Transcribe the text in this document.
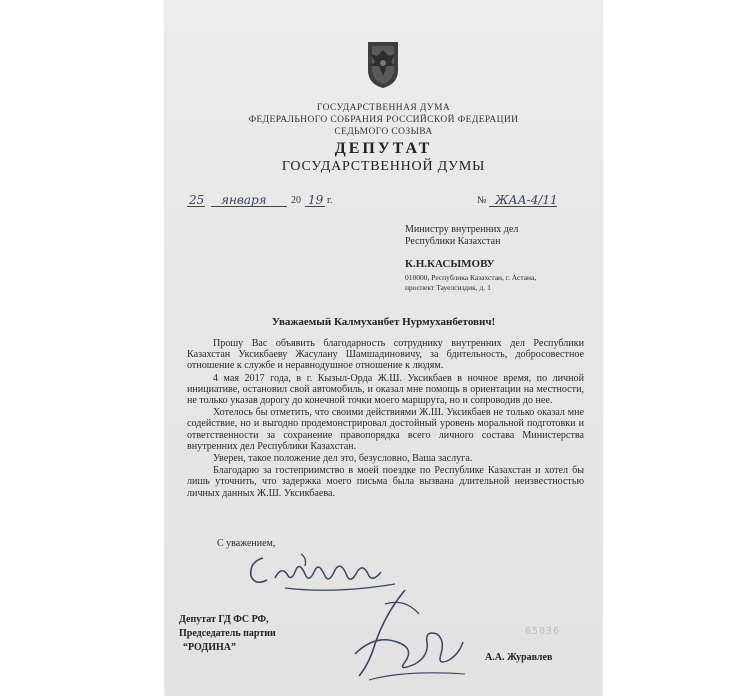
ГОСУДАРСТВЕННАЯ ДУМА
ФЕДЕРАЛЬНОГО СОБРАНИЯ РОССИЙСКОЙ ФЕДЕРАЦИИ
СЕДЬМОГО СОЗЫВА
ДЕПУТАТ
ГОСУДАРСТВЕННОЙ ДУМЫ
25 января 20 19 г.	№ ЖАА-4/11
Министру внутренних дел
Республики Казахстан
К.Н.КАСЫМОВУ
010000, Республика Казахстан, г. Астана,
проспект Тауелсиздик, д. 1
Уважаемый Калмуханбет Нурмуханбетович!

Прошу Вас объявить благодарность сотруднику внутренних дел Республики Казахстан Уксикбаеву Жасулану Шамшадиновичу, за бдительность, добросовестное отношение к службе и неравнодушное отношение к людям.

4 мая 2017 года, в г. Кызыл-Орда Ж.Ш. Уксикбаев в ночное время, по личной инициативе, остановил свой автомобиль, и оказал мне помощь в ориентации на местности, не только указав дорогу до конечной точки моего маршрута, но и сопроводив до нее.

Хотелось бы отметить, что своими действиями Ж.Ш. Уксикбаев не только оказал мне содействие, но и выгодно продемонстрировал достойный уровень моральной подготовки и ответственности за сохранение правопорядка всего личного состава Министерства внутренних дел Республики Казахстан.

Уверен, такое положение дел это, безусловно, Ваша заслуга.

Благодарю за гостеприимство в моей поездке по Республике Казахстан и хотел бы лишь уточнить, что задержка моего письма была вызвана длительной неизвестностью личных данных Ж.Ш. Уксикбаева.

С уважением,
Депутат ГД ФС РФ,
Председатель партии
“РОДИНА”
05036
А.А. Журавлев
